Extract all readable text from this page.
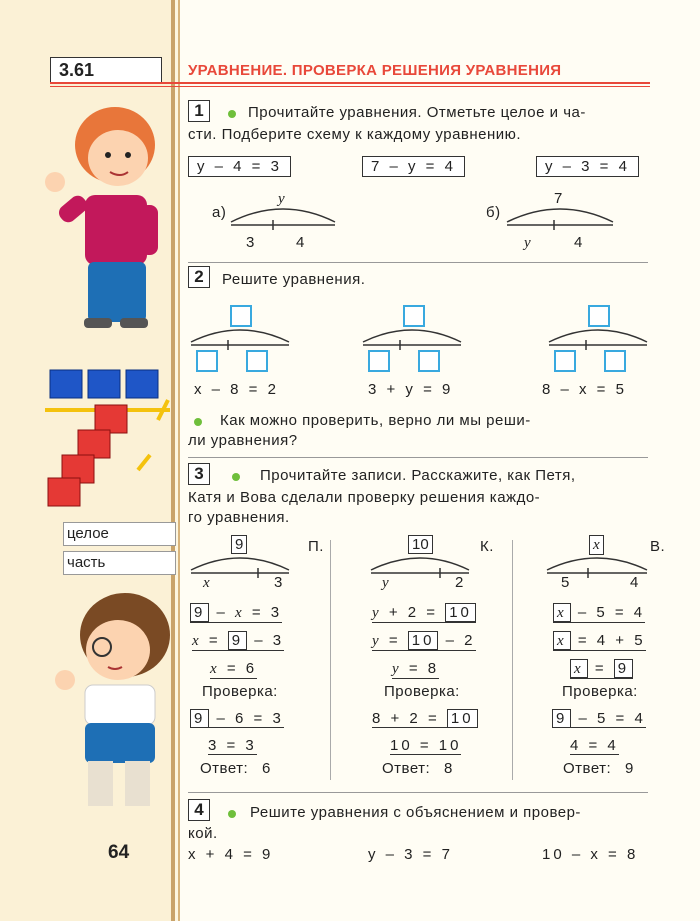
3.61	УРАВНЕНИЕ. ПРОВЕРКА РЕШЕНИЯ УРАВНЕНИЯ
целое
часть
64
1	Прочитайте уравнения. Отметьте целое и ча-
сти. Подберите схему к каждому уравнению.
у – 4 = 3	7 – у = 4	у – 3 = 4
а)
у
3	4
б)
7
у	4
2	Решите уравнения.
х – 8 = 2	3 + у = 9	8 – х = 5
Как можно проверить, верно ли мы реши-
ли уравнения?
3	Прочитайте записи. Расскажите, как Петя,
Катя и Вова сделали проверку решения каждо-
го уравнения.
9	П.
х	3
9 – х = 3
х = 9 – 3
х = 6
Проверка:
9 – 6 = 3
3 = 3
Ответ: 6
10	К.
у	2
у + 2 = 10
у = 10 – 2
у = 8
Проверка:
8 + 2 = 10
10 = 10
Ответ: 8
х	В.
5	4
х – 5 = 4
х = 4 + 5
х = 9
Проверка:
9 – 5 = 4
4 = 4
Ответ: 9
4	Решите уравнения с объяснением и провер-
кой.
х + 4 = 9	у – 3 = 7	10 – х = 8
